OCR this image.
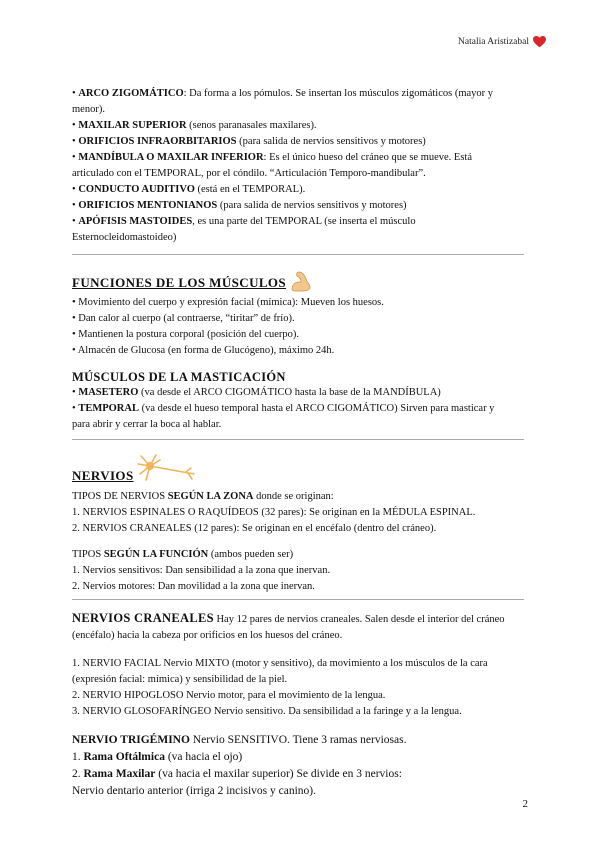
Natalia Aristizabal

• ARCO ZIGOMÁTICO: Da forma a los pómulos. Se insertan los músculos zigomáticos (mayor y

menor).

• MAXILAR SUPERIOR (senos paranasales maxilares).

• ORIFICIOS INFRAORBITARIOS (para salida de nervios sensitivos y motores)

• MANDÍBULA O MAXILAR INFERIOR: Es el único hueso del cráneo que se mueve. Está

articulado con el TEMPORAL, por el cóndilo. “Articulación Temporo-mandibular”.

• CONDUCTO AUDITIVO (está en el TEMPORAL).

• ORIFICIOS MENTONIANOS (para salida de nervios sensitivos y motores)

• APÓFISIS MASTOIDES, es una parte del TEMPORAL (se inserta el músculo

Esternocleidomastoideo)

FUNCIONES DE LOS MÚSCULOS

• Movimiento del cuerpo y expresión facial (mímica): Mueven los huesos.

• Dan calor al cuerpo (al contraerse, “tiritar” de frío).

• Mantienen la postura corporal (posición del cuerpo).

• Almacén de Glucosa (en forma de Glucógeno), máximo 24h.

MÚSCULOS DE LA MASTICACIÓN

• MASETERO (va desde el ARCO CIGOMÁTICO hasta la base de la MANDÍBULA)

• TEMPORAL (va desde el hueso temporal hasta el ARCO CIGOMÁTICO) Sirven para masticar y

para abrir y cerrar la boca al hablar.

NERVIOS

TIPOS DE NERVIOS SEGÚN LA ZONA donde se originan:

1. NERVIOS ESPINALES O RAQUÍDEOS (32 pares): Se originan en la MÉDULA ESPINAL.

2. NERVIOS CRANEALES (12 pares): Se originan en el encéfalo (dentro del cráneo).

TIPOS SEGÚN LA FUNCIÓN (ambos pueden ser)

1. Nervios sensitivos: Dan sensibilidad a la zona que inervan.

2. Nervios motores: Dan movilidad a la zona que inervan.

NERVIOS CRANEALES Hay 12 pares de nervios craneales. Salen desde el interior del cráneo

(encéfalo) hacia la cabeza por orificios en los huesos del cráneo.

1. NERVIO FACIAL Nervio MIXTO (motor y sensitivo), da movimiento a los músculos de la cara

(expresión facial: mímica) y sensibilidad de la piel.

2. NERVIO HIPOGLOSO Nervio motor, para el movimiento de la lengua.

3. NERVIO GLOSOFARÍNGEO Nervio sensitivo. Da sensibilidad a la faringe y a la lengua.

NERVIO TRIGÉMINO Nervio SENSITIVO. Tiene 3 ramas nerviosas.

1. Rama Oftálmica (va hacia el ojo)

2. Rama Maxilar (va hacia el maxilar superior) Se divide en 3 nervios:

Nervio dentario anterior (irriga 2 incisivos y canino).

2
